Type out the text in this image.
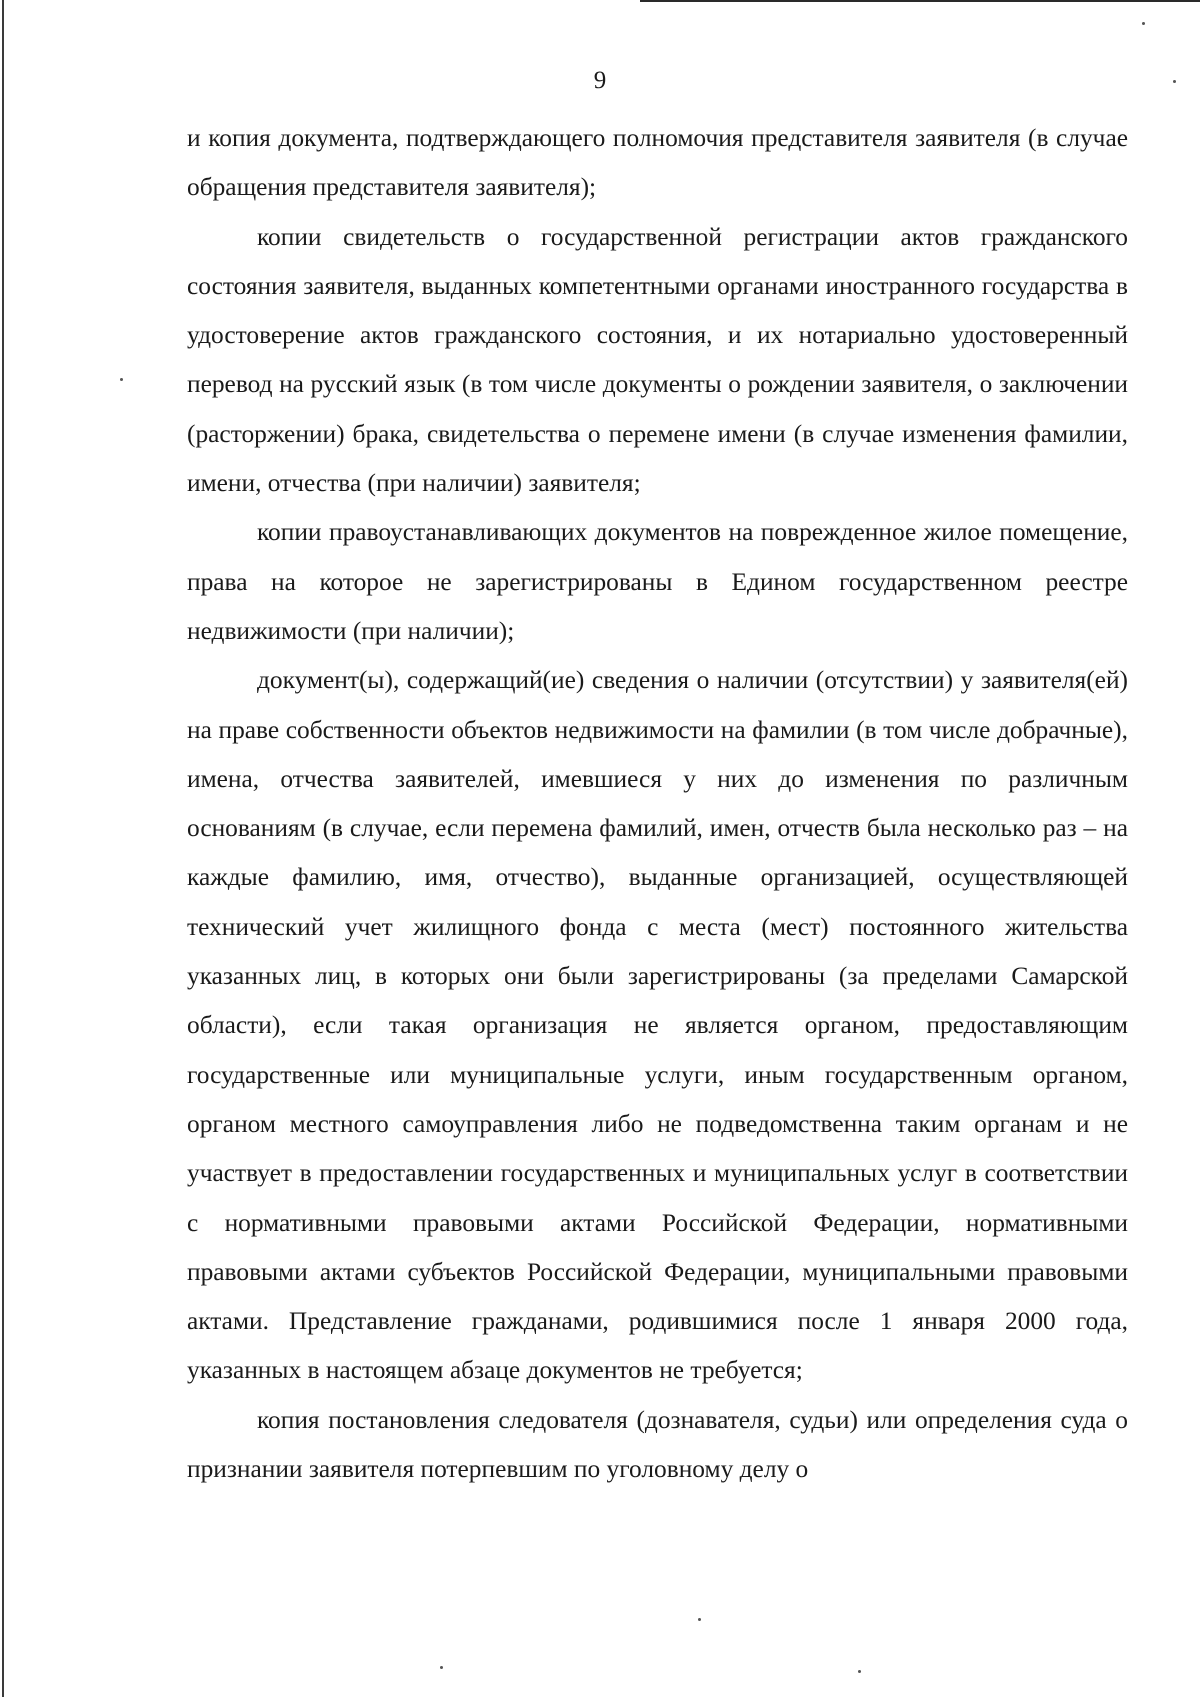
9

и копия документа, подтверждающего полномочия представителя заявителя (в случае обращения представителя заявителя);

копии свидетельств о государственной регистрации актов гражданского состояния заявителя, выданных компетентными органами иностранного государства в удостоверение актов гражданского состояния, и их нотариально удостоверенный перевод на русский язык (в том числе документы о рождении заявителя, о заключении (расторжении) брака, свидетельства о перемене имени (в случае изменения фамилии, имени, отчества (при наличии) заявителя;

копии правоустанавливающих документов на поврежденное жилое помещение, права на которое не зарегистрированы в Едином государственном реестре недвижимости (при наличии);

документ(ы), содержащий(ие) сведения о наличии (отсутствии) у заявителя(ей) на праве собственности объектов недвижимости на фамилии (в том числе добрачные), имена, отчества заявителей, имевшиеся у них до изменения по различным основаниям (в случае, если перемена фамилий, имен, отчеств была несколько раз – на каждые фамилию, имя, отчество), выданные организацией, осуществляющей технический учет жилищного фонда с места (мест) постоянного жительства указанных лиц, в которых они были зарегистрированы (за пределами Самарской области), если такая организация не является органом, предоставляющим государственные или муниципальные услуги, иным государственным органом, органом местного самоуправления либо не подведомственна таким органам и не участвует в предоставлении государственных и муниципальных услуг в соответствии с нормативными правовыми актами Российской Федерации, нормативными правовыми актами субъектов Российской Федерации, муниципальными правовыми актами. Представление гражданами, родившимися после 1 января 2000 года, указанных в настоящем абзаце документов не требуется;

копия постановления следователя (дознавателя, судьи) или определения суда о признании заявителя потерпевшим по уголовному делу о
